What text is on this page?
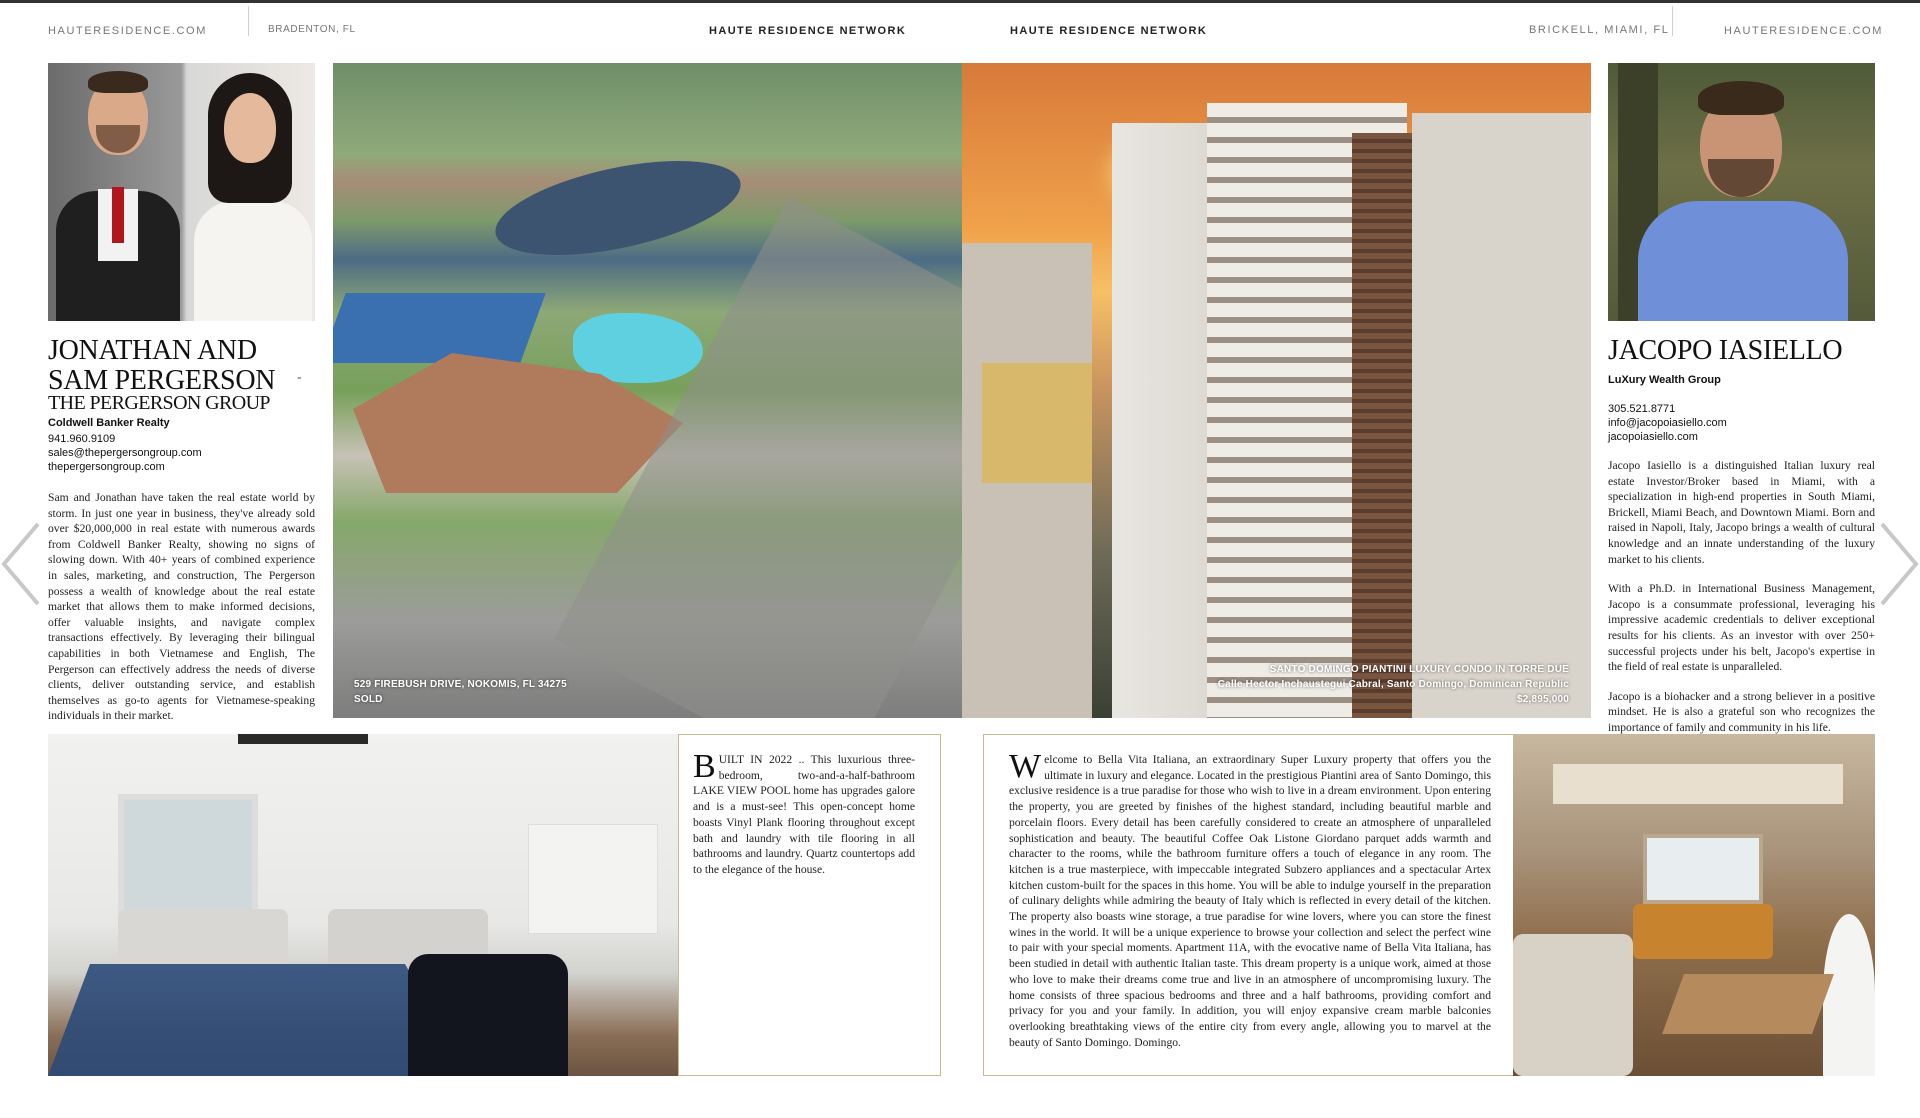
HAUTERESIDENCE.COM	BRADENTON, FL	HAUTE RESIDENCE NETWORK	HAUTE RESIDENCE NETWORK	BRICKELL, MIAMI, FL	HAUTERESIDENCE.COM
JONATHAN AND
SAM PERGERSON -
THE PERGERSON GROUP
Coldwell Banker Realty
941.960.9109
sales@thepergersongroup.com
thepergersongroup.com
Sam and Jonathan have taken the real estate world by storm. In just one year in business, they've already sold over $20,000,000 in real estate with numerous awards from Coldwell Banker Realty, showing no signs of slowing down. With 40+ years of combined experience in sales, marketing, and construction, The Pergerson possess a wealth of knowledge about the real estate market that allows them to make informed decisions, offer valuable insights, and navigate complex transactions effectively. By leveraging their bilingual capabilities in both Vietnamese and English, The Pergerson can effectively address the needs of diverse clients, deliver outstanding service, and establish themselves as go-to agents for Vietnamese-speaking individuals in their market.
529 FIREBUSH DRIVE, NOKOMIS, FL 34275
SOLD
SANTO DOMINGO PIANTINI LUXURY CONDO IN TORRE DUE
Calle Hector Inchaustegui Cabral, Santo Domingo, Dominican Republic
$2,895,000
JACOPO IASIELLO
LuXury Wealth Group
305.521.8771
info@jacopoiasiello.com
jacopoiasiello.com

Jacopo Iasiello is a distinguished Italian luxury real estate Investor/Broker based in Miami, with a specialization in high-end properties in South Miami, Brickell, Miami Beach, and Downtown Miami. Born and raised in Napoli, Italy, Jacopo brings a wealth of cultural knowledge and an innate understanding of the luxury market to his clients.

With a Ph.D. in International Business Management, Jacopo is a consummate professional, leveraging his impressive academic credentials to deliver exceptional results for his clients. As an investor with over 250+ successful projects under his belt, Jacopo's expertise in the field of real estate is unparalleled.

Jacopo is a biohacker and a strong believer in a positive mindset. He is also a grateful son who recognizes the importance of family and community in his life.

B UILT IN 2022 .. This luxurious three-bedroom, two-and-a-half-bathroom LAKE VIEW POOL home has upgrades galore and is a must-see! This open-concept home boasts Vinyl Plank flooring throughout except bath and laundry with tile flooring in all bathrooms and laundry. Quartz countertops add to the elegance of the house.
W elcome to Bella Vita Italiana, an extraordinary Super Luxury property that offers you the ultimate in luxury and elegance. Located in the prestigious Piantini area of Santo Domingo, this exclusive residence is a true paradise for those who wish to live in a dream environment. Upon entering the property, you are greeted by finishes of the highest standard, including beautiful marble and porcelain floors. Every detail has been carefully considered to create an atmosphere of unparalleled sophistication and beauty. The beautiful Coffee Oak Listone Giordano parquet adds warmth and character to the rooms, while the bathroom furniture offers a touch of elegance in any room. The kitchen is a true masterpiece, with impeccable integrated Subzero appliances and a spectacular Artex kitchen custom-built for the spaces in this home. You will be able to indulge yourself in the preparation of culinary delights while admiring the beauty of Italy which is reflected in every detail of the kitchen. The property also boasts wine storage, a true paradise for wine lovers, where you can store the finest wines in the world. It will be a unique experience to browse your collection and select the perfect wine to pair with your special moments. Apartment 11A, with the evocative name of Bella Vita Italiana, has been studied in detail with authentic Italian taste. This dream property is a unique work, aimed at those who love to make their dreams come true and live in an atmosphere of uncompromising luxury. The home consists of three spacious bedrooms and three and a half bathrooms, providing comfort and privacy for you and your family. In addition, you will enjoy expansive cream marble balconies overlooking breathtaking views of the entire city from every angle, allowing you to marvel at the beauty of Santo Domingo. Domingo.
